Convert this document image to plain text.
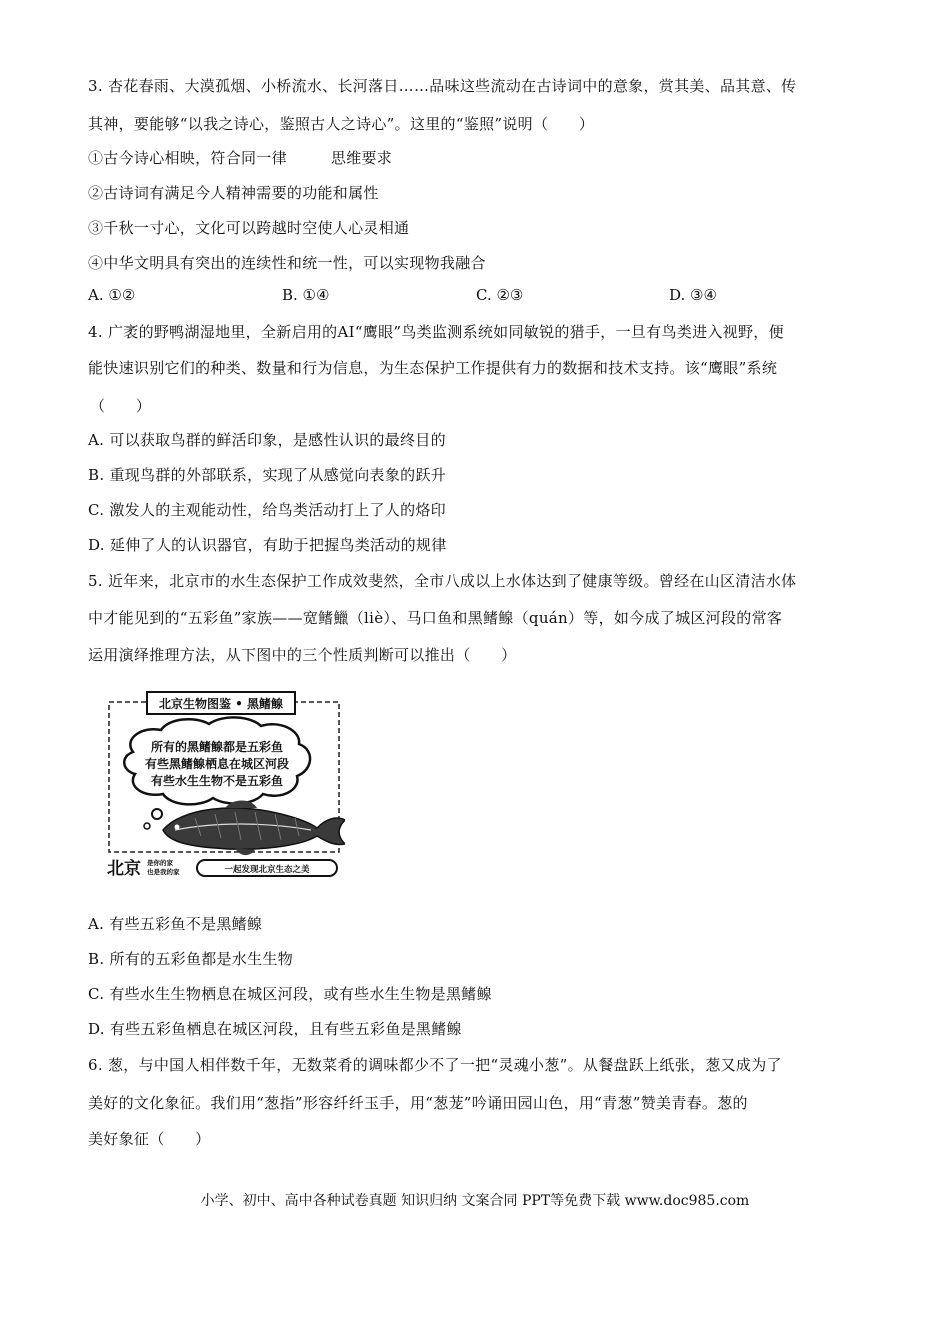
3. 杏花春雨、大漠孤烟、小桥流水、长河落日……品味这些流动在古诗词中的意象，赏其美、品其意、传
其神，要能够“以我之诗心，鉴照古人之诗心”。这里的“鉴照”说明（　　）
①古今诗心相映，符合同一律	思维要求
②古诗词有满足今人精神需要的功能和属性
③千秋一寸心，文化可以跨越时空使人心灵相通
④中华文明具有突出的连续性和统一性，可以实现物我融合
A. ①②	B. ①④	C. ②③	D. ③④
4. 广袤的野鸭湖湿地里，全新启用的AI“鹰眼”鸟类监测系统如同敏锐的猎手，一旦有鸟类进入视野，便
能快速识别它们的种类、数量和行为信息，为生态保护工作提供有力的数据和技术支持。该“鹰眼”系统
（　　）
A. 可以获取鸟群的鲜活印象，是感性认识的最终目的
B. 重现鸟群的外部联系，实现了从感觉向表象的跃升
C. 激发人的主观能动性，给鸟类活动打上了人的烙印
D. 延伸了人的认识器官，有助于把握鸟类活动的规律
5. 近年来，北京市的水生态保护工作成效斐然，全市八成以上水体达到了健康等级。曾经在山区清洁水体
中才能见到的“五彩鱼”家族——宽鳍鱲（liè）、马口鱼和黑鳍鳈（quán）等，如今成了城区河段的常客
运用演绎推理方法，从下图中的三个性质判断可以推出（　　）
北京生物图鉴 • 黑鳍鳈
所有的黑鳍鳈都是五彩鱼
有些黑鳍鳈栖息在城区河段
有些水生生物不是五彩鱼
北京 是你的家
也是我的家	一起发现北京生态之美
A. 有些五彩鱼不是黑鳍鳈
B. 所有的五彩鱼都是水生生物
C. 有些水生生物栖息在城区河段，或有些水生生物是黑鳍鳈
D. 有些五彩鱼栖息在城区河段，且有些五彩鱼是黑鳍鳈
6. 葱，与中国人相伴数千年，无数菜肴的调味都少不了一把“灵魂小葱”。从餐盘跃上纸张，葱又成为了
美好的文化象征。我们用“葱指”形容纤纤玉手，用“葱茏”吟诵田园山色，用“青葱”赞美青春。葱的
美好象征（　　）
小学、初中、高中各种试卷真题 知识归纳 文案合同 PPT等免费下载 www.doc985.com
